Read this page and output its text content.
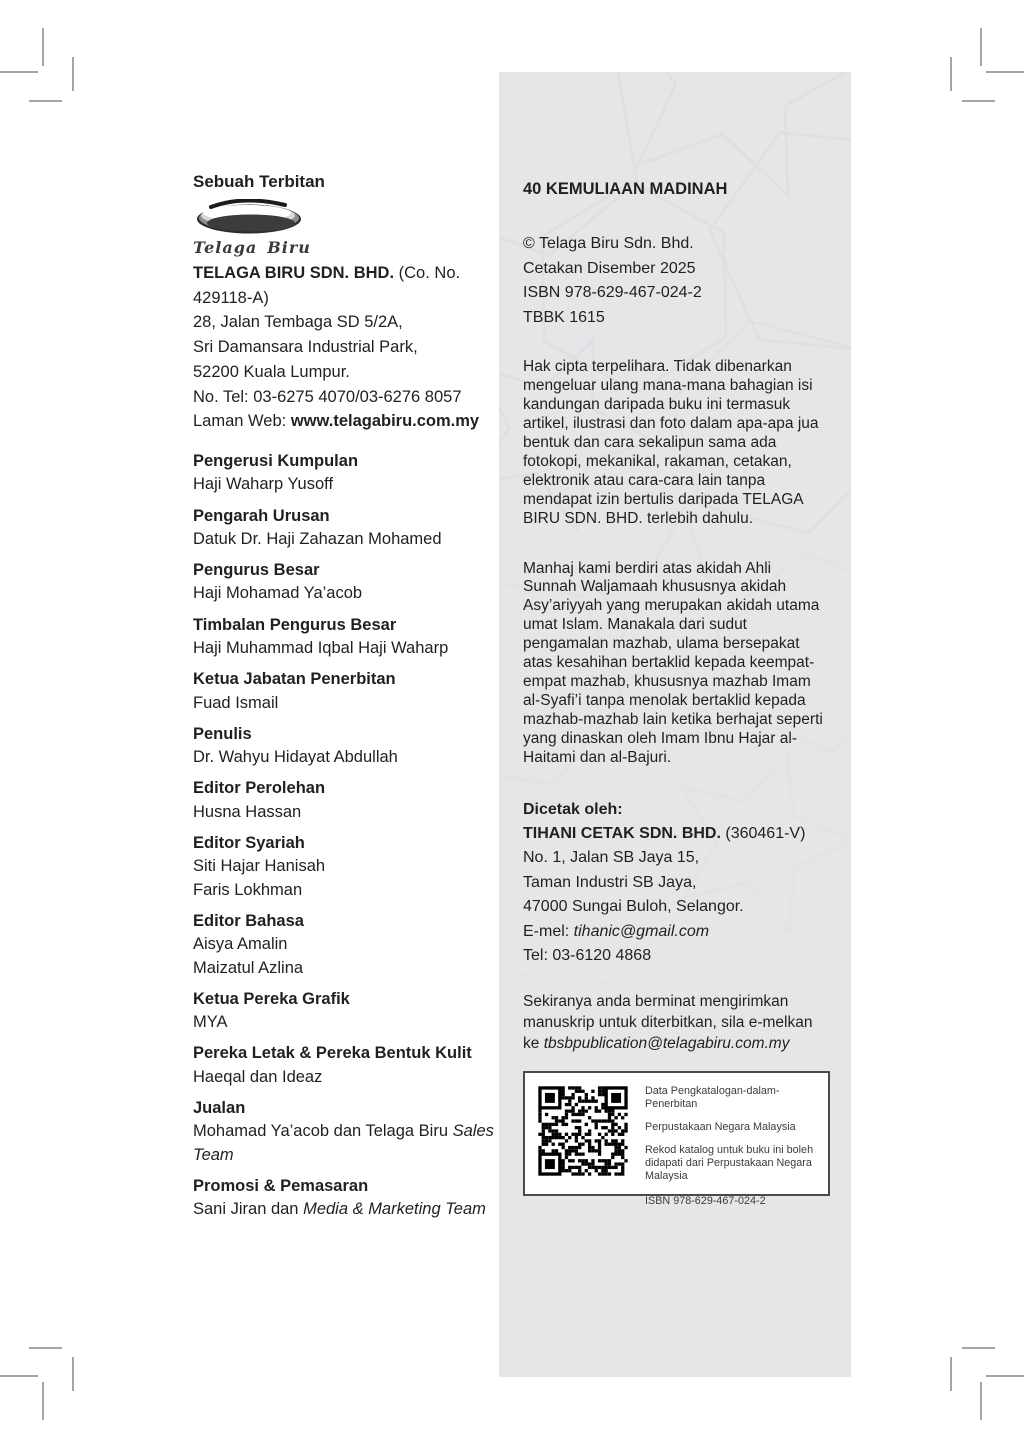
Sebuah Terbitan
Telaga Biru
TELAGA BIRU SDN. BHD. (Co. No. 429118-A)
28, Jalan Tembaga SD 5/2A,
Sri Damansara Industrial Park,
52200 Kuala Lumpur.
No. Tel: 03-6275 4070/03-6276 8057
Laman Web: www.telagabiru.com.my
Pengerusi Kumpulan
Haji Waharp Yusoff
Pengarah Urusan
Datuk Dr. Haji Zahazan Mohamed
Pengurus Besar
Haji Mohamad Ya’acob
Timbalan Pengurus Besar
Haji Muhammad Iqbal Haji Waharp
Ketua Jabatan Penerbitan
Fuad Ismail
Penulis
Dr. Wahyu Hidayat Abdullah
Editor Perolehan
Husna Hassan
Editor Syariah
Siti Hajar Hanisah
Faris Lokhman
Editor Bahasa
Aisya Amalin
Maizatul Azlina
Ketua Pereka Grafik
MYA
Pereka Letak & Pereka Bentuk Kulit
Haeqal dan Ideaz
Jualan
Mohamad Ya’acob dan Telaga Biru Sales Team
Promosi & Pemasaran
Sani Jiran dan Media & Marketing Team
40 KEMULIAAN MADINAH
© Telaga Biru Sdn. Bhd.
Cetakan Disember 2025
ISBN 978-629-467-024-2
TBBK 1615
Hak cipta terpelihara. Tidak dibenarkan mengeluar ulang mana-mana bahagian isi kandungan daripada buku ini termasuk artikel, ilustrasi dan foto dalam apa-apa jua bentuk dan cara sekalipun sama ada fotokopi, mekanikal, rakaman, cetakan, elektronik atau cara-cara lain tanpa mendapat izin bertulis daripada TELAGA BIRU SDN. BHD. terlebih dahulu.
Manhaj kami berdiri atas akidah Ahli Sunnah Waljamaah khususnya akidah Asy’ariyyah yang merupakan akidah utama umat Islam. Manakala dari sudut pengamalan mazhab, ulama bersepakat atas kesahihan bertaklid kepada keempat-empat mazhab, khususnya mazhab Imam al-Syafi’i tanpa menolak bertaklid kepada mazhab-mazhab lain ketika berhajat seperti yang dinaskan oleh Imam Ibnu Hajar al-Haitami dan al-Bajuri.
Dicetak oleh:
TIHANI CETAK SDN. BHD. (360461-V)
No. 1, Jalan SB Jaya 15,
Taman Industri SB Jaya,
47000 Sungai Buloh, Selangor.
E-mel: tihanic@gmail.com
Tel: 03-6120 4868
Sekiranya anda berminat mengirimkan manuskrip untuk diterbitkan, sila e-melkan ke tbsbpublication@telagabiru.com.my
Data Pengkatalogan-dalam-Penerbitan
Perpustakaan Negara Malaysia
Rekod katalog untuk buku ini boleh didapati dari Perpustakaan Negara Malaysia
ISBN 978-629-467-024-2
